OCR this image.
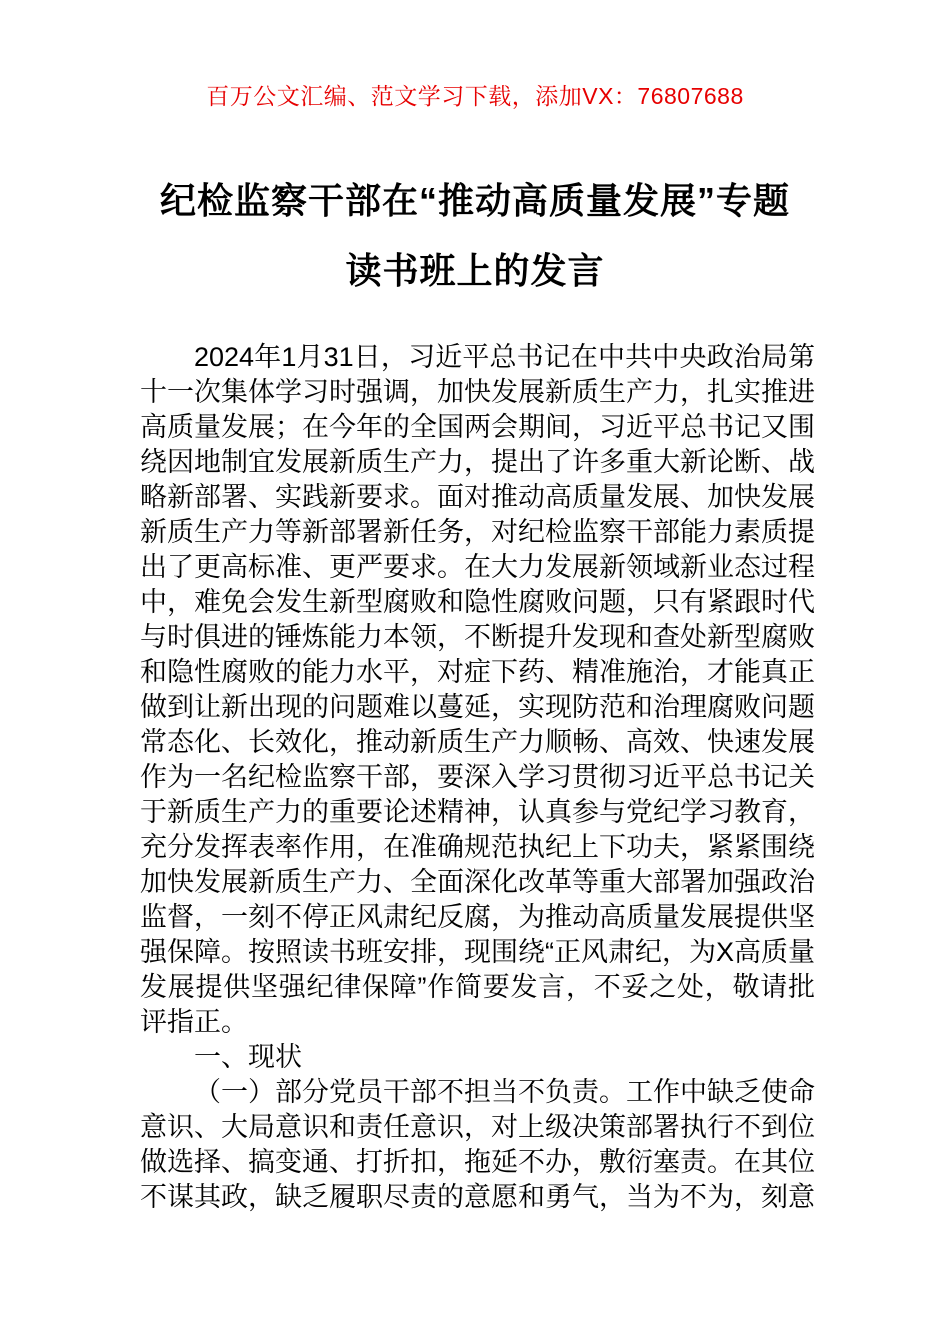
百万公文汇编、范文学习下载，添加VX：76807688
纪检监察干部在“推动高质量发展”专题
读书班上的发言

2024年1月31日，习近平总书记在中共中央政治局第十一次集体学习时强调，加快发展新质生产力，扎实推进高质量发展；在今年的全国两会期间，习近平总书记又围绕因地制宜发展新质生产力，提出了许多重大新论断、战略新部署、实践新要求。面对推动高质量发展、加快发展新质生产力等新部署新任务，对纪检监察干部能力素质提出了更高标准、更严要求。在大力发展新领域新业态过程中，难免会发生新型腐败和隐性腐败问题，只有紧跟时代与时俱进的锤炼能力本领，不断提升发现和查处新型腐败和隐性腐败的能力水平，对症下药、精准施治，才能真正做到让新出现的问题难以蔓延，实现防范和治理腐败问题常态化、长效化，推动新质生产力顺畅、高效、快速发展作为一名纪检监察干部，要深入学习贯彻习近平总书记关于新质生产力的重要论述精神，认真参与党纪学习教育，充分发挥表率作用，在准确规范执纪上下功夫，紧紧围绕加快发展新质生产力、全面深化改革等重大部署加强政治监督，一刻不停正风肃纪反腐，为推动高质量发展提供坚强保障。按照读书班安排，现围绕“正风肃纪，为X高质量发展提供坚强纪律保障”作简要发言，不妥之处，敬请批评指正。

一、现状

（一）部分党员干部不担当不负责。工作中缺乏使命意识、大局意识和责任意识，对上级决策部署执行不到位做选择、搞变通、打折扣，拖延不办，敷衍塞责。在其位不谋其政，缺乏履职尽责的意愿和勇气，当为不为，刻意
